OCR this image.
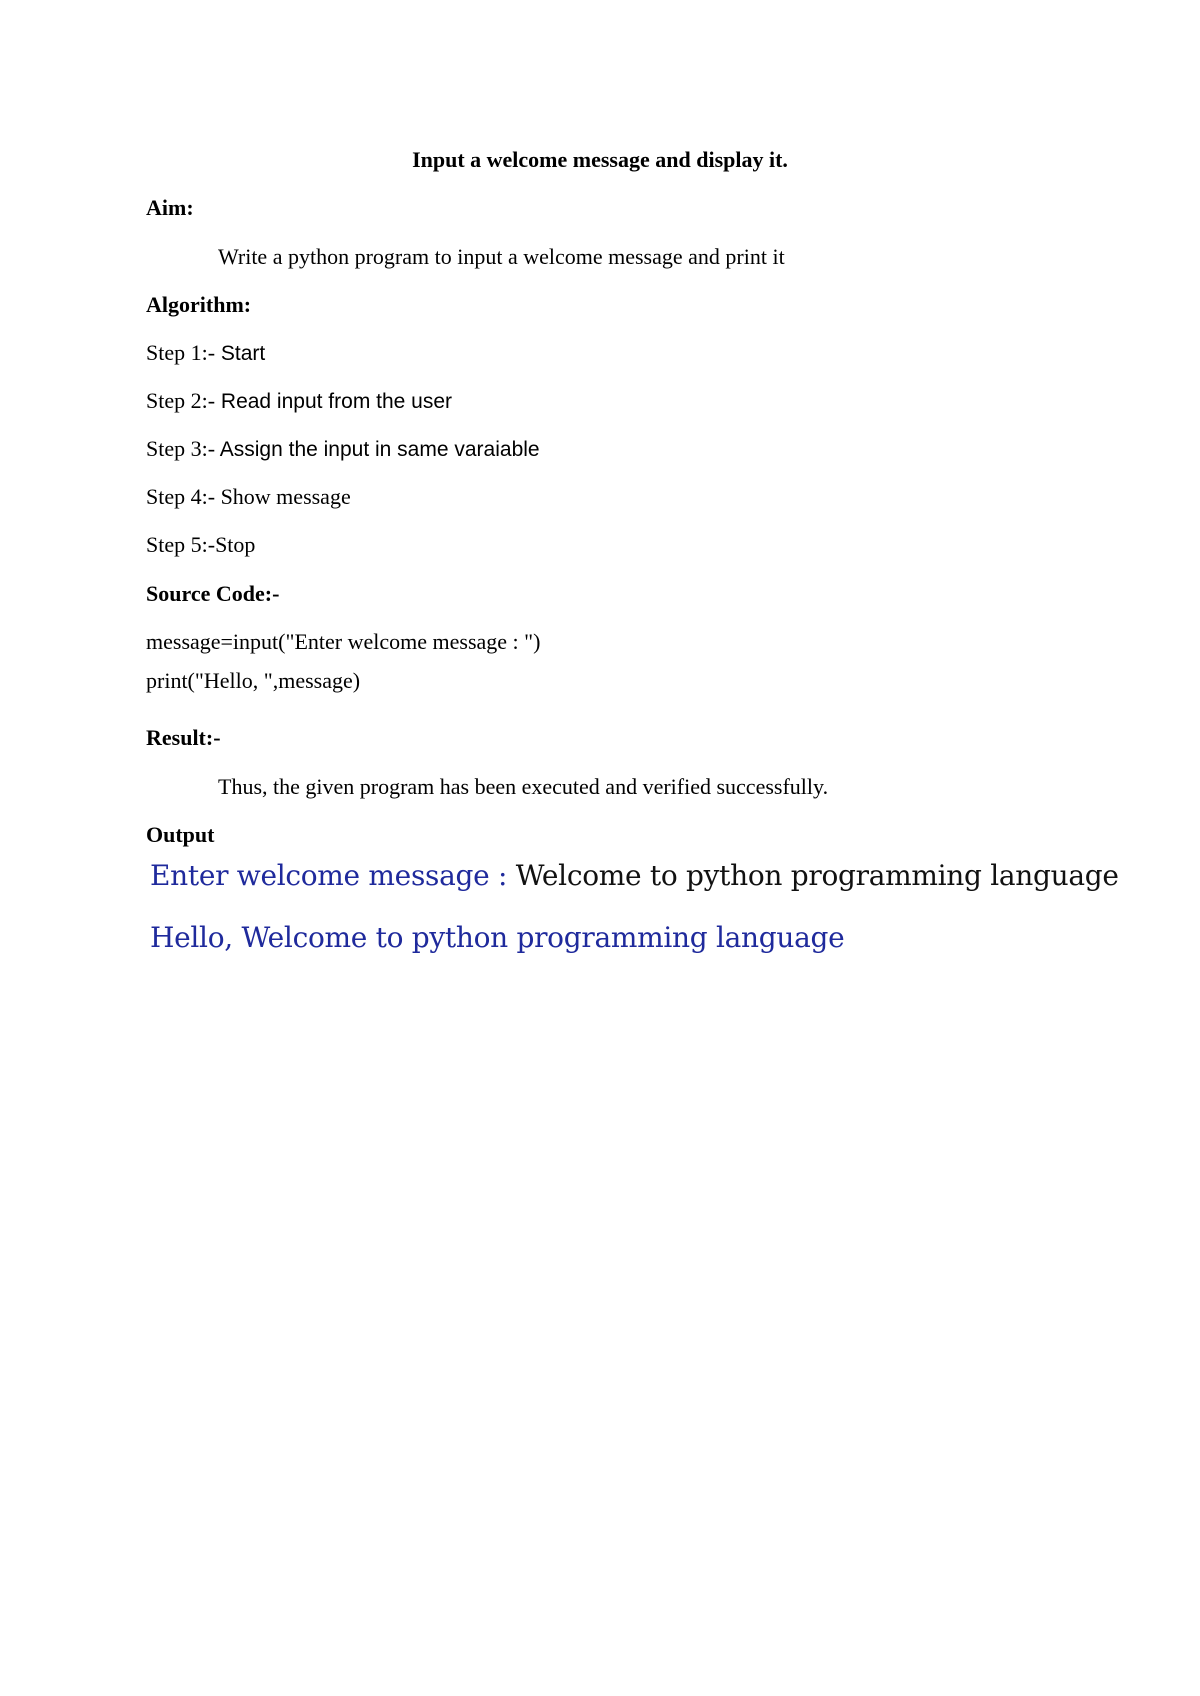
Input a welcome message and display it.
Aim:
Write a python program to input a welcome message and print it
Algorithm:
Step 1:- Start
Step 2:- Read input from the user
Step 3:- Assign the input in same varaiable
Step 4:- Show message
Step 5:-Stop
Source Code:-
message=input("Enter welcome message : ")
print("Hello, ",message)
Result:-
Thus, the given program has been executed and verified successfully.
Output
Enter welcome message : Welcome to python programming language
Hello, Welcome to python programming language
